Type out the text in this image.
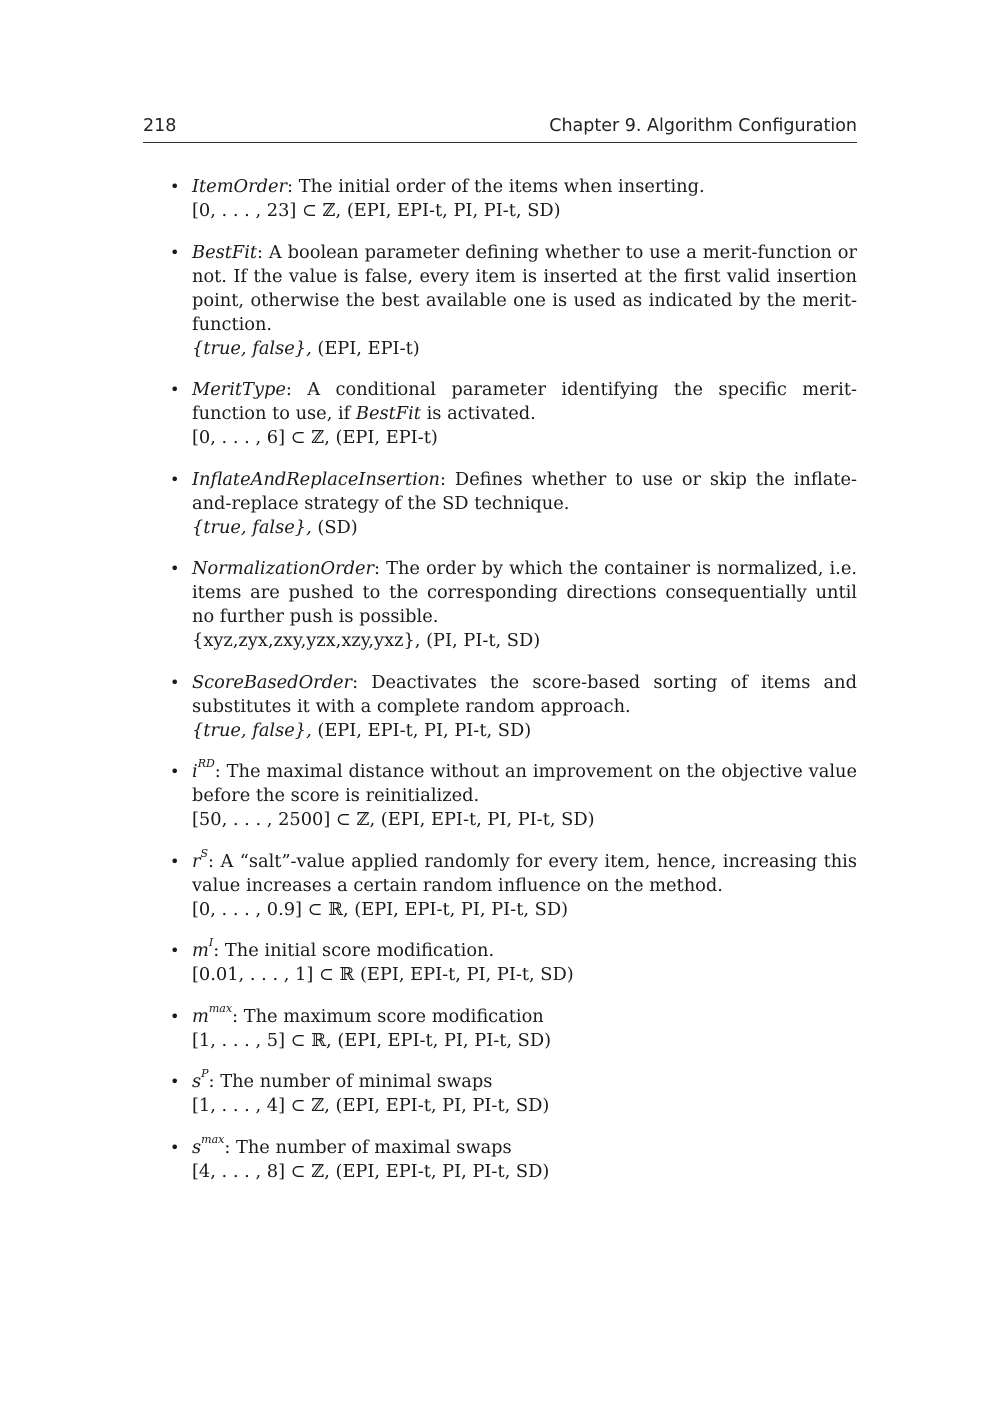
218	Chapter 9. Algorithm Configuration
• ItemOrder: The initial order of the items when inserting.
[0, . . . , 23] ⊂ ℤ, (EPI, EPI-t, PI, PI-t, SD)
• BestFit: A boolean parameter defining whether to use a merit-function or not. If the value is false, every item is inserted at the first valid insertion point, otherwise the best available one is used as indicated by the merit-function.
{true, false}, (EPI, EPI-t)
• MeritType: A conditional parameter identifying the specific merit-function to use, if BestFit is activated.
[0, . . . , 6] ⊂ ℤ, (EPI, EPI-t)
• InflateAndReplaceInsertion: Defines whether to use or skip the inflate-and-replace strategy of the SD technique.
{true, false}, (SD)
• NormalizationOrder: The order by which the container is normalized, i.e. items are pushed to the corresponding directions consequentially until no further push is possible.
{xyz,zyx,zxy,yzx,xzy,yxz}, (PI, PI-t, SD)
• ScoreBasedOrder: Deactivates the score-based sorting of items and substitutes it with a complete random approach.
{true, false}, (EPI, EPI-t, PI, PI-t, SD)
• $i^{RD}$: The maximal distance without an improvement on the objective value before the score is reinitialized.
[50, . . . , 2500] ⊂ ℤ, (EPI, EPI-t, PI, PI-t, SD)
• $r^S$: A “salt”-value applied randomly for every item, hence, increasing this value increases a certain random influence on the method.
[0, . . . , 0.9] ⊂ ℝ, (EPI, EPI-t, PI, PI-t, SD)
• $m^I$: The initial score modification.
[0.01, . . . , 1] ⊂ ℝ (EPI, EPI-t, PI, PI-t, SD)
• $m^{max}$: The maximum score modification
[1, . . . , 5] ⊂ ℝ, (EPI, EPI-t, PI, PI-t, SD)
• $s^P$: The number of minimal swaps
[1, . . . , 4] ⊂ ℤ, (EPI, EPI-t, PI, PI-t, SD)
• $s^{max}$: The number of maximal swaps
[4, . . . , 8] ⊂ ℤ, (EPI, EPI-t, PI, PI-t, SD)
